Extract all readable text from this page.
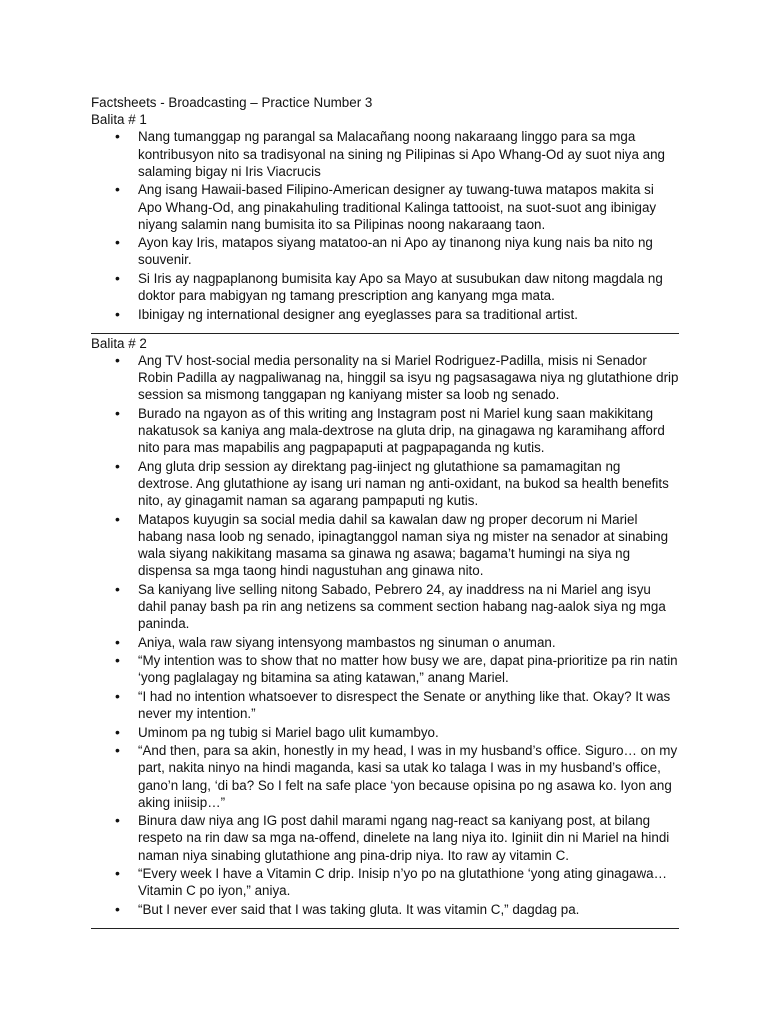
Factsheets - Broadcasting – Practice Number 3

Balita # 1

• Nang tumanggap ng parangal sa Malacañang noong nakaraang linggo para sa mga kontribusyon nito sa tradisyonal na sining ng Pilipinas si Apo Whang-Od ay suot niya ang salaming bigay ni Iris Viacrucis
• Ang isang Hawaii-based Filipino-American designer ay tuwang-tuwa matapos makita si Apo Whang-Od, ang pinakahuling traditional Kalinga tattooist, na suot-suot ang ibinigay niyang salamin nang bumisita ito sa Pilipinas noong nakaraang taon.
• Ayon kay Iris, matapos siyang matatoo-an ni Apo ay tinanong niya kung nais ba nito ng souvenir.
• Si Iris ay nagpaplanong bumisita kay Apo sa Mayo at susubukan daw nitong magdala ng doktor para mabigyan ng tamang prescription ang kanyang mga mata.
• Ibinigay ng international designer ang eyeglasses para sa traditional artist.

Balita # 2

• Ang TV host-social media personality na si Mariel Rodriguez-Padilla, misis ni Senador Robin Padilla ay nagpaliwanag na, hinggil sa isyu ng pagsasagawa niya ng glutathione drip session sa mismong tanggapan ng kaniyang mister sa loob ng senado.
• Burado na ngayon as of this writing ang Instagram post ni Mariel kung saan makikitang nakatusok sa kaniya ang mala-dextrose na gluta drip, na ginagawa ng karamihang afford nito para mas mapabilis ang pagpapaputi at pagpapaganda ng kutis.
• Ang gluta drip session ay direktang pag-iinject ng glutathione sa pamamagitan ng dextrose. Ang glutathione ay isang uri naman ng anti-oxidant, na bukod sa health benefits nito, ay ginagamit naman sa agarang pampaputi ng kutis.
• Matapos kuyugin sa social media dahil sa kawalan daw ng proper decorum ni Mariel habang nasa loob ng senado, ipinagtanggol naman siya ng mister na senador at sinabing wala siyang nakikitang masama sa ginawa ng asawa; bagama’t humingi na siya ng dispensa sa mga taong hindi nagustuhan ang ginawa nito.
• Sa kaniyang live selling nitong Sabado, Pebrero 24, ay inaddress na ni Mariel ang isyu dahil panay bash pa rin ang netizens sa comment section habang nag-aalok siya ng mga paninda.
• Aniya, wala raw siyang intensyong mambastos ng sinuman o anuman.
• “My intention was to show that no matter how busy we are, dapat pina-prioritize pa rin natin ‘yong paglalagay ng bitamina sa ating katawan,” anang Mariel.
• “I had no intention whatsoever to disrespect the Senate or anything like that. Okay? It was never my intention.”
• Uminom pa ng tubig si Mariel bago ulit kumambyo.
• “And then, para sa akin, honestly in my head, I was in my husband’s office. Siguro… on my part, nakita ninyo na hindi maganda, kasi sa utak ko talaga I was in my husband’s office, gano’n lang, ‘di ba? So I felt na safe place ‘yon because opisina po ng asawa ko. Iyon ang aking iniisip…”
• Binura daw niya ang IG post dahil marami ngang nag-react sa kaniyang post, at bilang respeto na rin daw sa mga na-offend, dinelete na lang niya ito. Iginiit din ni Mariel na hindi naman niya sinabing glutathione ang pina-drip niya. Ito raw ay vitamin C.
• “Every week I have a Vitamin C drip. Inisip n’yo po na glutathione ‘yong ating ginagawa… Vitamin C po iyon,” aniya.
• “But I never ever said that I was taking gluta. It was vitamin C,” dagdag pa.
